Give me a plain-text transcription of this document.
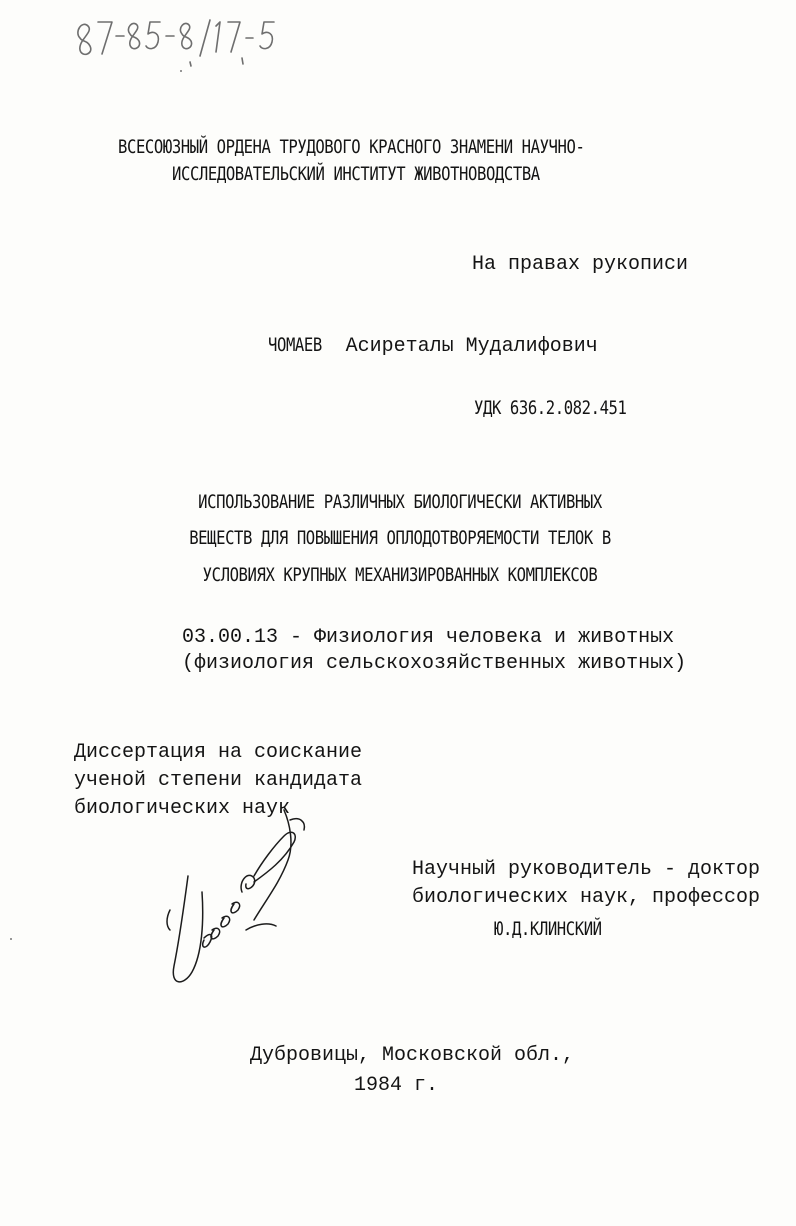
ВСЕСОЮЗНЫЙ ОРДЕНА ТРУДОВОГО КРАСНОГО ЗНАМЕНИ НАУЧНО-
ИССЛЕДОВАТЕЛЬСКИЙ ИНСТИТУТ ЖИВОТНОВОДСТВА
На правах рукописи
ЧОМАЕВ Асиреталы Мудалифович
УДК 636.2.082.451
ИСПОЛЬЗОВАНИЕ РАЗЛИЧНЫХ БИОЛОГИЧЕСКИ АКТИВНЫХ
ВЕЩЕСТВ ДЛЯ ПОВЫШЕНИЯ ОПЛОДОТВОРЯЕМОСТИ ТЕЛОК В
УСЛОВИЯХ КРУПНЫХ МЕХАНИЗИРОВАННЫХ КОМПЛЕКСОВ
03.00.13 - Физиология человека и животных
(физиология сельскохозяйственных животных)
Диссертация на соискание
ученой степени кандидата
биологических наук
Научный руководитель - доктор
биологических наук, профессор
Ю.Д.КЛИНСКИЙ
Дубровицы, Московской обл.,
1984 г.
